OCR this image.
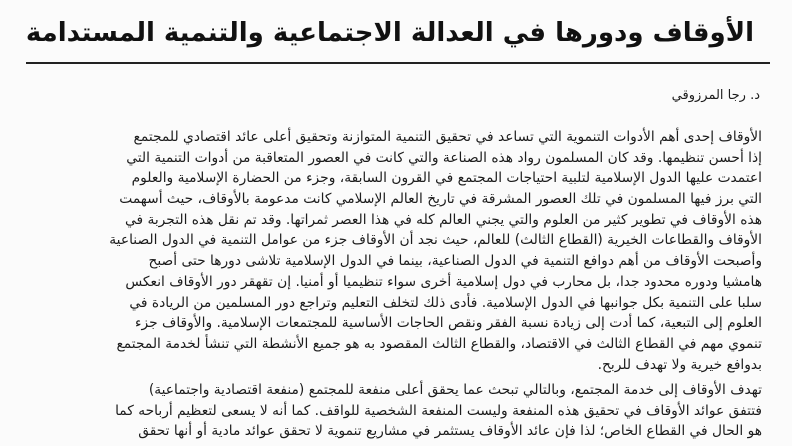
الأوقاف ودورها في العدالة الاجتماعية والتنمية المستدامة

د. رجا المرزوقي

الأوقاف إحدى أهم الأدوات التنموية التي تساعد في تحقيق التنمية المتوازنة وتحقيق أعلى عائد اقتصادي للمجتمع
إذا أحسن تنظيمها. وقد كان المسلمون رواد هذه الصناعة والتي كانت في العصور المتعاقبة من أدوات التنمية التي
اعتمدت عليها الدول الإسلامية لتلبية احتياجات المجتمع في القرون السابقة، وجزء من الحضارة الإسلامية والعلوم
التي برز فيها المسلمون في تلك العصور المشرقة في تاريخ العالم الإسلامي كانت مدعومة بالأوقاف، حيث أسهمت
هذه الأوقاف في تطوير كثير من العلوم والتي يجني العالم كله في هذا العصر ثمراتها. وقد تم نقل هذه التجربة في
الأوقاف والقطاعات الخيرية (القطاع الثالث) للعالم، حيث نجد أن الأوقاف جزء من عوامل التنمية في الدول الصناعية
وأصبحت الأوقاف من أهم دوافع التنمية في الدول الصناعية، بينما في الدول الإسلامية تلاشى دورها حتى أصبح
هامشيا ودوره محدود جدا، بل محارب في دول إسلامية أخرى سواء تنظيميا أو أمنيا. إن تقهقر دور الأوقاف انعكس
سلبا على التنمية بكل جوانبها في الدول الإسلامية. فأدى ذلك لتخلف التعليم وتراجع دور المسلمين من الريادة في
العلوم إلى التبعية، كما أدت إلى زيادة نسبة الفقر ونقص الحاجات الأساسية للمجتمعات الإسلامية. والأوقاف جزء
تنموي مهم في القطاع الثالث في الاقتصاد، والقطاع الثالث المقصود به هو جميع الأنشطة التي تنشأ لخدمة المجتمع
بدوافع خيرية ولا تهدف للربح.
تهدف الأوقاف إلى خدمة المجتمع، وبالتالي تبحث عما يحقق أعلى منفعة للمجتمع (منفعة اقتصادية واجتماعية)
فتتفق عوائد الأوقاف في تحقيق هذه المنفعة وليست المنفعة الشخصية للواقف. كما أنه لا يسعى لتعظيم أرباحه كما
هو الحال في القطاع الخاص؛ لذا فإن عائد الأوقاف يستثمر في مشاريع تنموية لا تحقق عوائد مادية أو أنها تحقق
